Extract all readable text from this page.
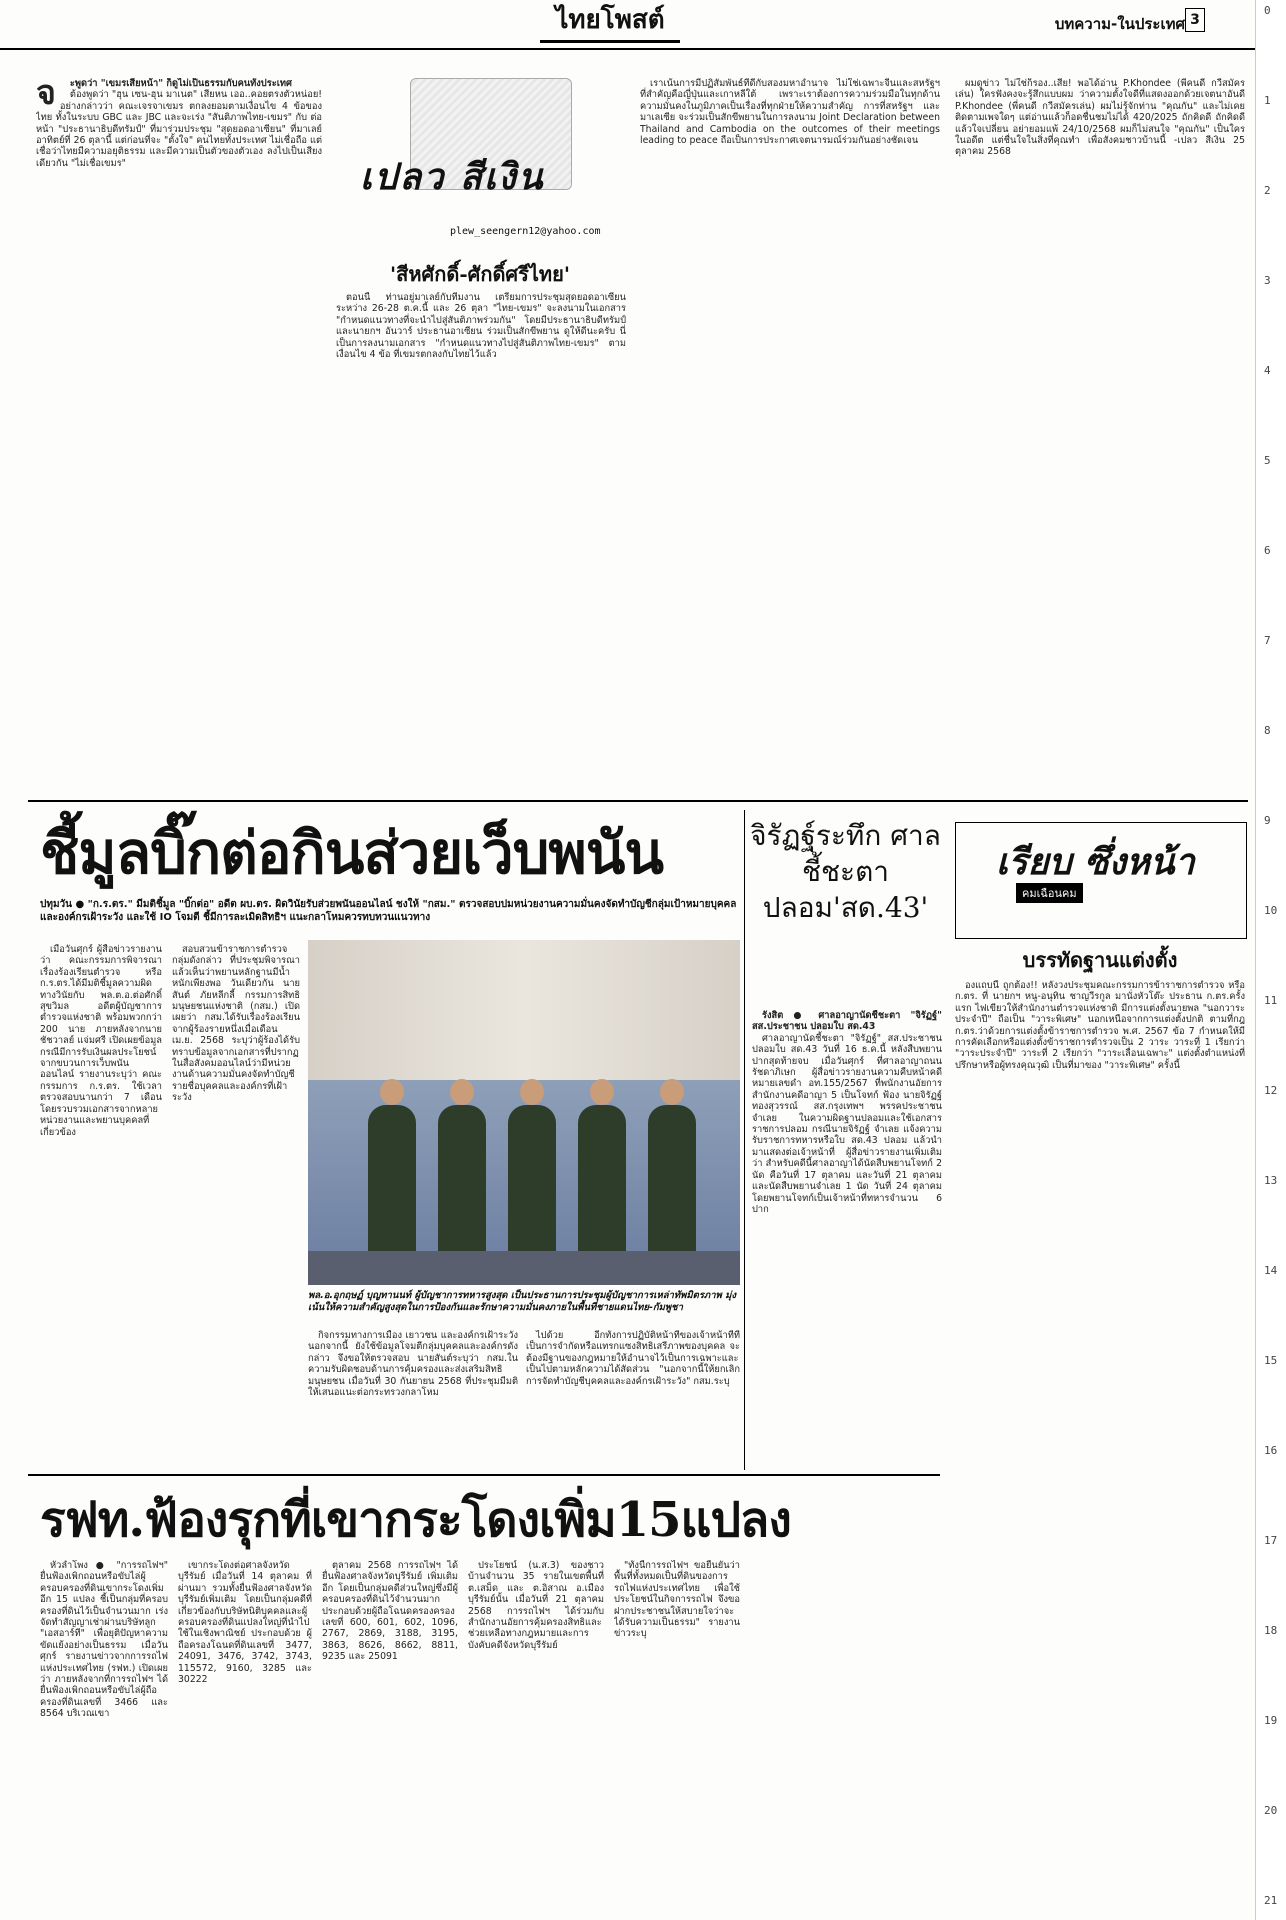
ไทยโพสต์	บทความ-ในประเทศ 3
จ	ะพูดว่า "เขมรเสียหน้า" ก็ดูไม่เป็นธรรมกับคนทั้งประเทศ

ต้องพูดว่า "ฮุน เซน-ฮุน มาเนต" เสียหน เออ..คอยตรงตัวหน่อย! อย่างกล่าวว่า คณะเจรจาเขมร ตกลงยอมตามเงื่อนไข 4 ข้อของไทย ทั้งในระบบ GBC และ JBC และจะเร่ง "สันติภาพไทย-เขมร" กับ ต่อหน้า "ประธานาธิบดีทรัมป์" ที่มาร่วมประชุม "สุดยอดอาเซียน" ที่มาเลย์ อาทิตย์ที่ 26 ตุลานี้ แต่ก่อนที่จะ "ตั้งใจ" คนไทยทั้งประเทศ ไม่เชื่อถือ แต่เชื่อว่าไทยมีความอยุติธรรม และมีความเป็นตัวของตัวเอง ลงไปเป็นเสียงเดียวกัน "ไม่เชื่อเขมร"	เปลว สีเงิน
plew_seengern12@yahoo.com
'สีหศักดิ์-ศักดิ์ศรีไทย'

ตอนนี้ ท่านอยู่มาเลย์กับทีมงาน เตรียมการประชุมสุดยอดอาเซียน ระหว่าง 26-28 ต.ค.นี้ และ 26 ตุลา "ไทย-เขมร" จะลงนามในเอกสาร "กำหนดแนวทางที่จะนำไปสู่สันติภาพร่วมกัน" โดยมีประธานาธิบดีทรัมป์ และนายกฯ อันวาร์ ประธานอาเซียน ร่วมเป็นสักขีพยาน ดูให้ดีนะครับ นี่เป็นการลงนามเอกสาร "กำหนดแนวทางไปสู่สันติภาพไทย-เขมร" ตามเงื่อนไข 4 ข้อ ที่เขมรตกลงกับไทยไว้แล้ว

เราเน้นการมีปฏิสัมพันธ์ที่ดีกับสองมหาอำนาจ ไม่ใช่เฉพาะจีนและสหรัฐฯ ที่สำคัญคือญี่ปุ่นและเกาหลีใต้ เพราะเราต้องการความร่วมมือในทุกด้าน ความมั่นคงในภูมิภาคเป็นเรื่องที่ทุกฝ่ายให้ความสำคัญ การที่สหรัฐฯ และมาเลเซีย จะร่วมเป็นสักขีพยานในการลงนาม Joint Declaration between Thailand and Cambodia on the outcomes of their meetings leading to peace ถือเป็นการประกาศเจตนารมณ์ร่วมกันอย่างชัดเจน

ผมดูข่าว ไม่ใช่ก็รอง..เสีย! พอได้อ่าน P.Khondee (พี่คนดี กวีสมัครเล่น) ใครฟังคงจะรู้สึกแบบผม ว่าความตั้งใจดีที่แสดงออกด้วยเจตนาอันดี P.Khondee (พี่คนดี กวีสมัครเล่น) ผมไม่รู้จักท่าน "คุณกัน" และไม่เคยติดตามเพจใดๆ แต่อ่านแล้วก็อดชื่นชมไม่ได้ 420/2025 ถักคิดดี ถักคิดดี แล้วใจเปลี่ยน อย่ายอมแพ้ 24/10/2568 ผมก็ไม่สนใจ "คุณกัน" เป็นใครในอดีต แต่ชื่นใจในสิ่งที่คุณทำ เพื่อสังคมชาวบ้านนี้ -เปลว สีเงิน 25 ตุลาคม 2568

ชี้มูลบิ๊กต่อกินส่วยเว็บพนัน
ปทุมวัน ● "ก.ร.ตร." มีมติชี้มูล "บิ๊กต่อ" อดีต ผบ.ตร. ผิดวินัยรับส่วยพนันออนไลน์ ชงให้ "กสม." ตรวจสอบปมหน่วยงานความมั่นคงจัดทำบัญชีกลุ่มเป้าหมายบุคคลและองค์กรเฝ้าระวัง และใช้ IO โจมตี ชี้มีการละเมิดสิทธิฯ แนะกลาโหมควรทบทวนแนวทาง

เมื่อวันศุกร์ ผู้สื่อข่าวรายงานว่า คณะกรรมการพิจารณาเรื่องร้องเรียนตำรวจ หรือ ก.ร.ตร.ได้มีมติชี้มูลความผิดทางวินัยกับ พล.ต.อ.ต่อศักดิ์ สุขวิมล อดีตผู้บัญชาการตำรวจแห่งชาติ พร้อมพวกกว่า 200 นาย ภายหลังจากนายชัชวาลย์ แจ่มศรี เปิดเผยข้อมูลกรณีมีการรับเงินผลประโยชน์จากขบวนการเว็บพนันออนไลน์ รายงานระบุว่า คณะกรรมการ ก.ร.ตร. ใช้เวลาตรวจสอบนานกว่า 7 เดือน โดยรวบรวมเอกสารจากหลายหน่วยงานและพยานบุคคลที่เกี่ยวข้อง

สอบสวนข้าราชการตำรวจกลุ่มดังกล่าว ที่ประชุมพิจารณาแล้วเห็นว่าพยานหลักฐานมีน้ำหนักเพียงพอ วันเดียวกัน นายสันต์ ภัยหลีกลี้ กรรมการสิทธิมนุษยชนแห่งชาติ (กสม.) เปิดเผยว่า กสม.ได้รับเรื่องร้องเรียนจากผู้ร้องรายหนึ่งเมื่อเดือน เม.ย. 2568 ระบุว่าผู้ร้องได้รับทราบข้อมูลจากเอกสารที่ปรากฏในสื่อสังคมออนไลน์ว่ามีหน่วยงานด้านความมั่นคงจัดทำบัญชีรายชื่อบุคคลและองค์กรที่เฝ้าระวัง

พล.อ.อุกฤษฏ์ บุญทานนท์ ผู้บัญชาการทหารสูงสุด เป็นประธานการประชุมผู้บัญชาการเหล่าทัพมิตรภาพ มุ่งเน้นให้ความสำคัญสูงสุดในการป้องกันและรักษาความมั่นคงภายในพื้นที่ชายแดนไทย-กัมพูชา

กิจกรรมทางการเมือง เยาวชน และองค์กรเฝ้าระวัง นอกจากนี้ ยังใช้ข้อมูลโจมตีกลุ่มบุคคลและองค์กรดังกล่าว จึงขอให้ตรวจสอบ นายสันต์ระบุว่า กสม.ในความรับผิดชอบด้านการคุ้มครองและส่งเสริมสิทธิมนุษยชน เมื่อวันที่ 30 กันยายน 2568 ที่ประชุมมีมติให้เสนอแนะต่อกระทรวงกลาโหม

ไปด้วย อีกทั้งการปฏิบัติหน้าที่ของเจ้าหน้าที่ที่เป็นการจำกัดหรือแทรกแซงสิทธิเสรีภาพของบุคคล จะต้องมีฐานของกฎหมายให้อำนาจไว้เป็นการเฉพาะและเป็นไปตามหลักความได้สัดส่วน "นอกจากนี้ให้ยกเลิกการจัดทำบัญชีบุคคลและองค์กรเฝ้าระวัง" กสม.ระบุ

จิรัฏฐ์ระทึก ศาลชี้ชะตาปลอม'สด.43'

รังสิต ● ศาลอาญานัดชี้ชะตา "จิรัฏฐ์" สส.ประชาชน ปลอมใบ สด.43

ศาลอาญานัดชี้ชะตา "จิรัฏฐ์" สส.ประชาชน ปลอมใบ สด.43 วันที่ 16 ธ.ค.นี้ หลังสืบพยานปากสุดท้ายจบ เมื่อวันศุกร์ ที่ศาลอาญาถนนรัชดาภิเษก ผู้สื่อข่าวรายงานความคืบหน้าคดีหมายเลขดำ อท.155/2567 ที่พนักงานอัยการ สำนักงานคดีอาญา 5 เป็นโจทก์ ฟ้อง นายจิรัฏฐ์ ทองสุวรรณ์ สส.กรุงเทพฯ พรรคประชาชน จำเลย ในความผิดฐานปลอมและใช้เอกสารราชการปลอม กรณีนายจิรัฏฐ์ จำเลย แจ้งความรับราชการทหารหรือใบ สด.43 ปลอม แล้วนำมาแสดงต่อเจ้าหน้าที่ ผู้สื่อข่าวรายงานเพิ่มเติมว่า สำหรับคดีนี้ศาลอาญาได้นัดสืบพยานโจทก์ 2 นัด คือวันที่ 17 ตุลาคม และวันที่ 21 ตุลาคม และนัดสืบพยานจำเลย 1 นัด วันที่ 24 ตุลาคม โดยพยานโจทก์เป็นเจ้าหน้าที่ทหารจำนวน 6 ปาก

เรียบ ซึ่งหน้า
คมเฉือนคม
บรรทัดฐานแต่งตั้ง

องแถบนี้ ถูกต้อง!! หลังวงประชุมคณะกรรมการข้าราชการตำรวจ หรือ ก.ตร. ที่ นายกฯ หนู-อนุทิน ชาญวีรกูล มานั่งหัวโต๊ะ ประธาน ก.ตร.ครั้งแรก ไฟเขียวให้สำนักงานตำรวจแห่งชาติ มีการแต่งตั้งนายพล "นอกวาระประจำปี" ถือเป็น "วาระพิเศษ" นอกเหนือจากการแต่งตั้งปกติ ตามที่กฎ ก.ตร.ว่าด้วยการแต่งตั้งข้าราชการตำรวจ พ.ศ. 2567 ข้อ 7 กำหนดให้มีการคัดเลือกหรือแต่งตั้งข้าราชการตำรวจเป็น 2 วาระ วาระที่ 1 เรียกว่า "วาระประจำปี" วาระที่ 2 เรียกว่า "วาระเลื่อนเฉพาะ" แต่งตั้งตำแหน่งที่ปรึกษาหรือผู้ทรงคุณวุฒิ เป็นที่มาของ "วาระพิเศษ" ครั้งนี้

รฟท.ฟ้องรุกที่เขากระโดงเพิ่ม15แปลง

หัวลำโพง ● "การรถไฟฯ" ยื่นฟ้องเพิกถอนหรือขับไล่ผู้ครอบครองที่ดินเขากระโดงเพิ่มอีก 15 แปลง ชี้เป็นกลุ่มที่ครอบครองที่ดินไว้เป็นจำนวนมาก เร่งจัดทำสัญญาเช่าผ่านบริษัทลูก "เอสอาร์ที" เพื่อยุติปัญหาความขัดแย้งอย่างเป็นธรรม เมื่อวันศุกร์ รายงานข่าวจากการรถไฟแห่งประเทศไทย (รฟท.) เปิดเผยว่า ภายหลังจากที่การรถไฟฯ ได้ยื่นฟ้องเพิกถอนหรือขับไล่ผู้ถือครองที่ดินเลขที่ 3466 และ 8564 บริเวณเขา

เขากระโดงต่อศาลจังหวัดบุรีรัมย์ เมื่อวันที่ 14 ตุลาคม ที่ผ่านมา รวมทั้งยื่นฟ้องศาลจังหวัดบุรีรัมย์เพิ่มเติม โดยเป็นกลุ่มคดีที่เกี่ยวข้องกับบริษัทนิติบุคคลและผู้ครอบครองที่ดินแปลงใหญ่ที่นำไปใช้ในเชิงพาณิชย์ ประกอบด้วย ผู้ถือครองโฉนดที่ดินเลขที่ 3477, 24091, 3476, 3742, 3743, 115572, 9160, 3285 และ 30222

ตุลาคม 2568 การรถไฟฯ ได้ยื่นฟ้องศาลจังหวัดบุรีรัมย์ เพิ่มเติมอีก โดยเป็นกลุ่มคดีส่วนใหญ่ซึ่งมีผู้ครอบครองที่ดินไว้จำนวนมาก ประกอบด้วยผู้ถือโฉนดครองครองเลขที่ 600, 601, 602, 1096, 2767, 2869, 3188, 3195, 3863, 8626, 8662, 8811, 9235 และ 25091

ประโยชน์ (น.ส.3) ของชาวบ้านจำนวน 35 รายในเขตพื้นที่ ต.เสม็ด และ ต.อิสาณ อ.เมืองบุรีรัมย์นั้น เมื่อวันที่ 21 ตุลาคม 2568 การรถไฟฯ ได้ร่วมกับสำนักงานอัยการคุ้มครองสิทธิและช่วยเหลือทางกฎหมายและการบังคับคดีจังหวัดบุรีรัมย์

"ทั้งนี้การรถไฟฯ ขอยืนยันว่า พื้นที่ทั้งหมดเป็นที่ดินของการรถไฟแห่งประเทศไทย เพื่อใช้ประโยชน์ในกิจการรถไฟ จึงขอฝากประชาชนให้สบายใจว่าจะได้รับความเป็นธรรม" รายงานข่าวระบุ

0
1
2
3
4
5
6
7
8
9
10
11
12
13
14
15
16
17
18
19
20
21
